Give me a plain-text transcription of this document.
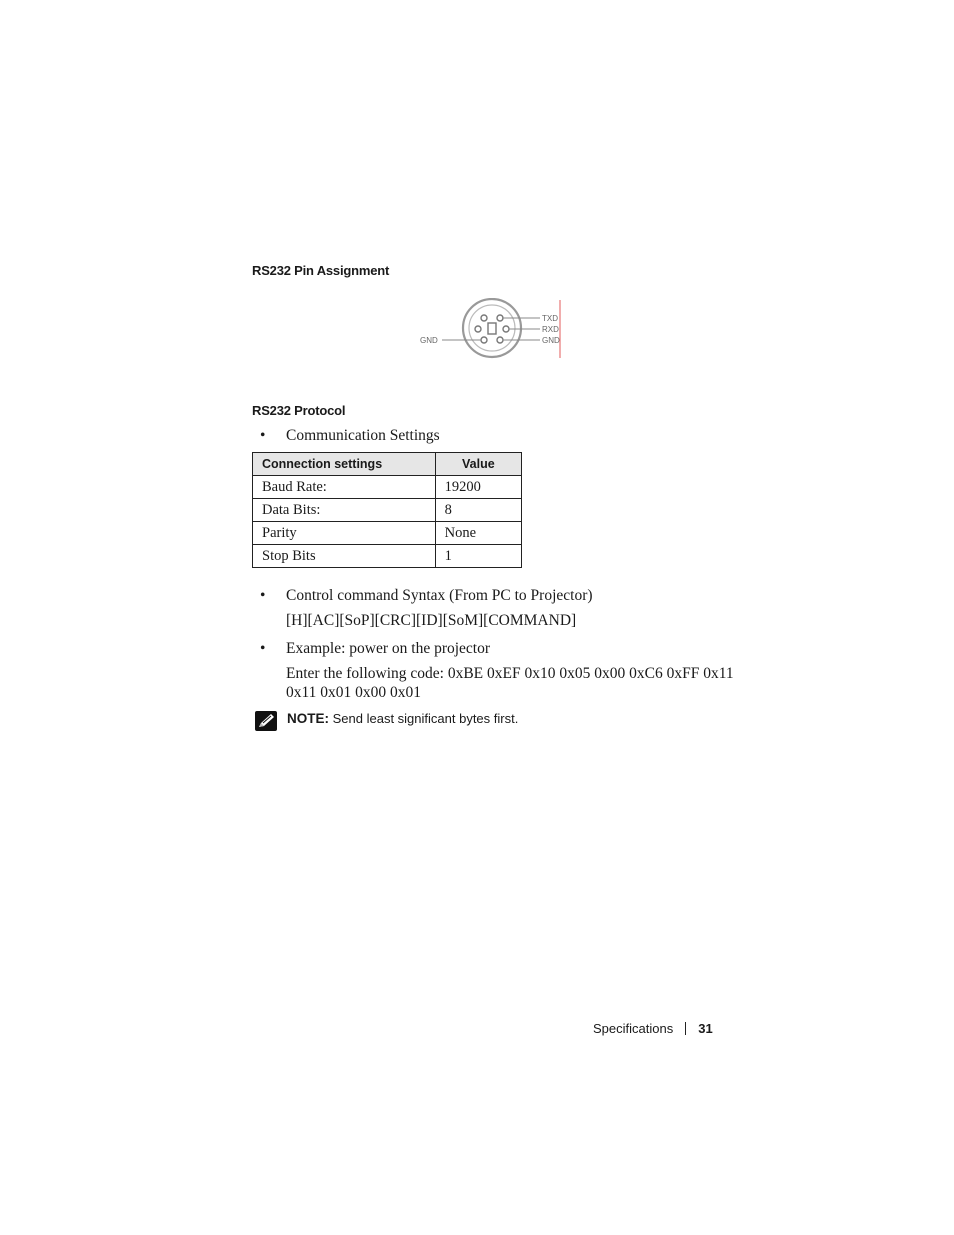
RS232 Pin Assignment
TXD
RXD
GND
GND
RS232 Protocol
• Communication Settings
Connection settings	Value
Baud Rate:	19200
Data Bits:	8
Parity	None
Stop Bits	1
• Control command Syntax (From PC to Projector)
[H][AC][SoP][CRC][ID][SoM][COMMAND]
• Example: power on the projector
Enter the following code: 0xBE 0xEF 0x10 0x05 0x00 0xC6 0xFF 0x11
0x11 0x01 0x00 0x01
NOTE: Send least significant bytes first.
Specifications 31
